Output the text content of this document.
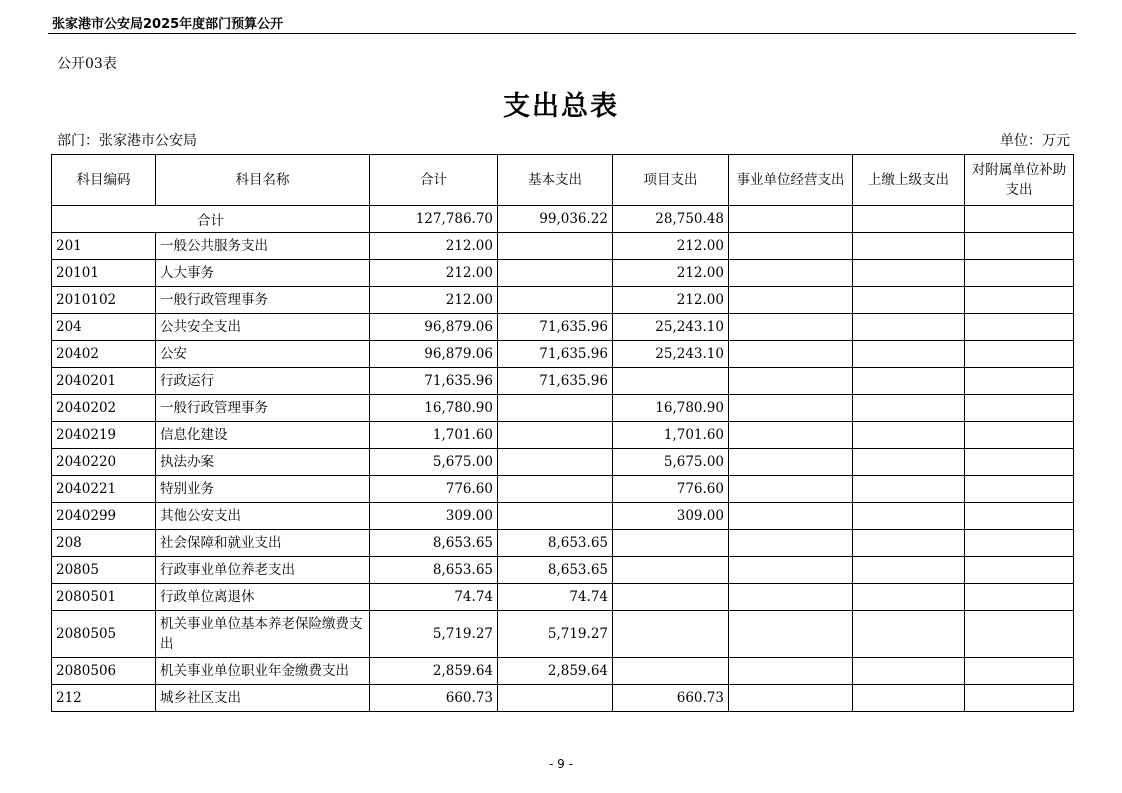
张家港市公安局2025年度部门预算公开
公开03表
支出总表
部门：张家港市公安局	单位：万元
科目编码	科目名称	合计	基本支出	项目支出	事业单位经营支出	上缴上级支出	对附属单位补助支出
合计		127,786.70	99,036.22	28,750.48			
201	一般公共服务支出	212.00		212.00			
20101	人大事务	212.00		212.00			
2010102	一般行政管理事务	212.00		212.00			
204	公共安全支出	96,879.06	71,635.96	25,243.10			
20402	公安	96,879.06	71,635.96	25,243.10			
2040201	行政运行	71,635.96	71,635.96				
2040202	一般行政管理事务	16,780.90		16,780.90			
2040219	信息化建设	1,701.60		1,701.60			
2040220	执法办案	5,675.00		5,675.00			
2040221	特别业务	776.60		776.60			
2040299	其他公安支出	309.00		309.00			
208	社会保障和就业支出	8,653.65	8,653.65				
20805	行政事业单位养老支出	8,653.65	8,653.65				
2080501	行政单位离退休	74.74	74.74				
2080505	机关事业单位基本养老保险缴费支出	5,719.27	5,719.27				
2080506	机关事业单位职业年金缴费支出	2,859.64	2,859.64				
212	城乡社区支出	660.73		660.73			
- 9 -
